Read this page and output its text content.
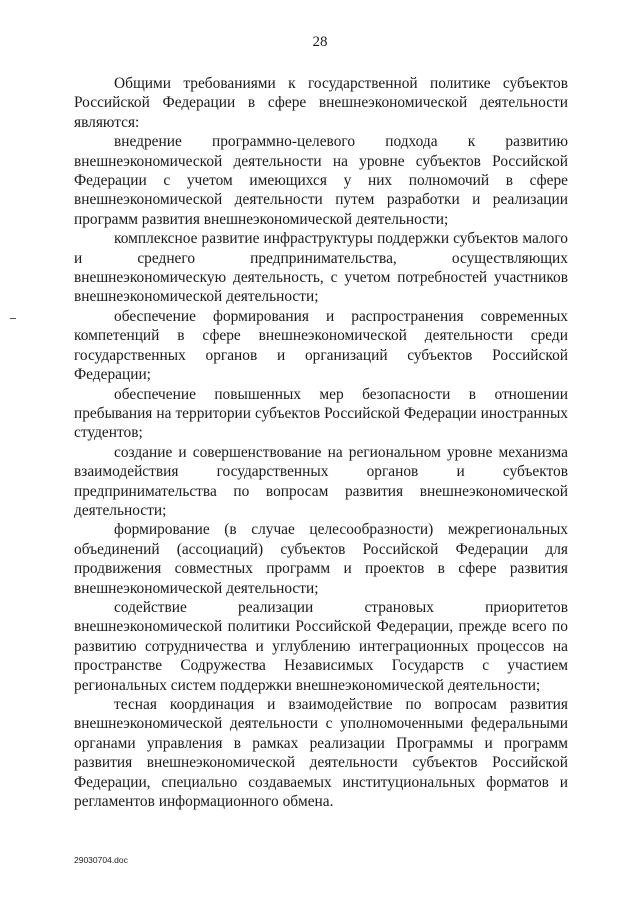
28

Общими требованиями к государственной политике субъектов Российской Федерации в сфере внешнеэкономической деятельности являются:

внедрение программно-целевого подхода к развитию внешнеэкономической деятельности на уровне субъектов Российской Федерации с учетом имеющихся у них полномочий в сфере внешнеэкономической деятельности путем разработки и реализации программ развития внешнеэкономической деятельности;

комплексное развитие инфраструктуры поддержки субъектов малого и среднего предпринимательства, осуществляющих внешнеэкономическую деятельность, с учетом потребностей участников внешнеэкономической деятельности;

обеспечение формирования и распространения современных компетенций в сфере внешнеэкономической деятельности среди государственных органов и организаций субъектов Российской Федерации;

обеспечение повышенных мер безопасности в отношении пребывания на территории субъектов Российской Федерации иностранных студентов;

создание и совершенствование на региональном уровне механизма взаимодействия государственных органов и субъектов предпринимательства по вопросам развития внешнеэкономической деятельности;

формирование (в случае целесообразности) межрегиональных объединений (ассоциаций) субъектов Российской Федерации для продвижения совместных программ и проектов в сфере развития внешнеэкономической деятельности;

содействие реализации страновых приоритетов внешнеэкономической политики Российской Федерации, прежде всего по развитию сотрудничества и углублению интеграционных процессов на пространстве Содружества Независимых Государств с участием региональных систем поддержки внешнеэкономической деятельности;

тесная координация и взаимодействие по вопросам развития внешнеэкономической деятельности с уполномоченными федеральными органами управления в рамках реализации Программы и программ развития внешнеэкономической деятельности субъектов Российской Федерации, специально создаваемых институциональных форматов и регламентов информационного обмена.

29030704.doc
